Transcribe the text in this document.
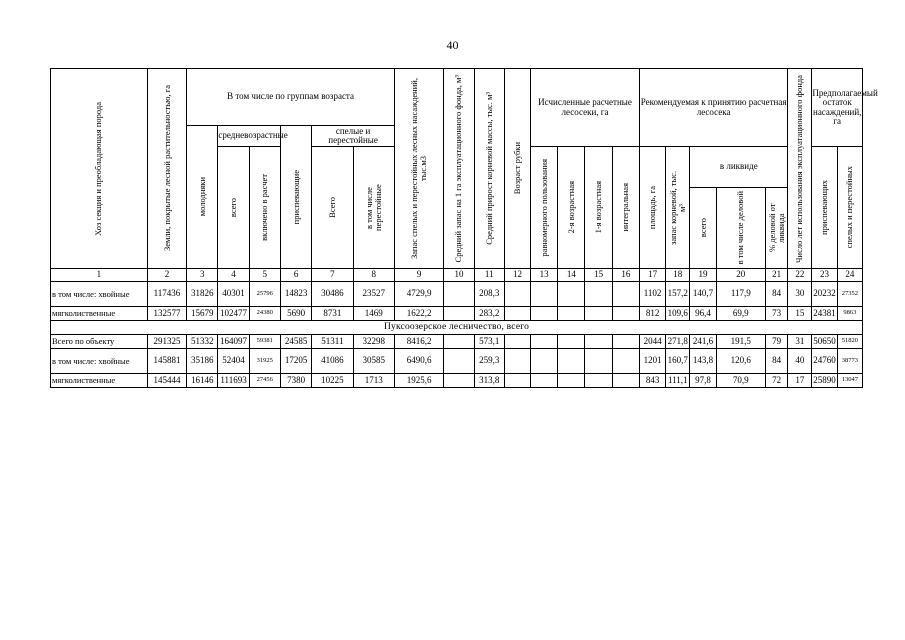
40
Хоз секция и преобладающая порода	Земли, покрытые лесной растительностью, га	В том числе по группам возраста						Запас спелых и перестойных лесных насаждений, тыс.м3	Средний запас на 1 га эксплуатационного фонда, м³	Средний прирост корневой массы, тыс. м³	Возраст рубки	Исчисленные расчетные лесосеки, га				Рекомендуемая к принятию расчетная лесосека					Число лет использования эксплуатационного фонда	Предполагаемый остаток насаждений, га	

		молодняки	средневозрастные		приспевающие	спелые и перестойные																	

			всего	включено в расчет		Всего	в том числе перестойные					равномерного пользования	2-я возрастная	1-я возрастная	интегральная	площадь, га	запас корневой, тыс. м³	в ликвиде				приспевающих	спелых и перестойных

																		всего	в том числе деловой	% деловой от ликвида			

1	2	3	4	5	6	7	8	9	10	11	12	13	14	15	16	17	18	19	20	21	22	23	24
в том числе: хвойные	117436	31826	40301	25796	14823	30486	23527	4729,9		208,3						1102	157,2	140,7	117,9	84	30	20232	27352
мягколиственные	132577	15679	102477	24380	5690	8731	1469	1622,2		283,2						812	109,6	96,4	69,9	73	15	24381	9863
Пуксоозерское лесничество, всего																							
Всего по объекту	291325	51332	164097	59381	24585	51311	32298	8416,2		573,1						2044	271,8	241,6	191,5	79	31	50650	51820
в том числе: хвойные	145881	35186	52404	31925	17205	41086	30585	6490,6		259,3						1201	160,7	143,8	120,6	84	40	24760	38773
мягколиственные	145444	16146	111693	27456	7380	10225	1713	1925,6		313,8						843	111,1	97,8	70,9	72	17	25890	13047
